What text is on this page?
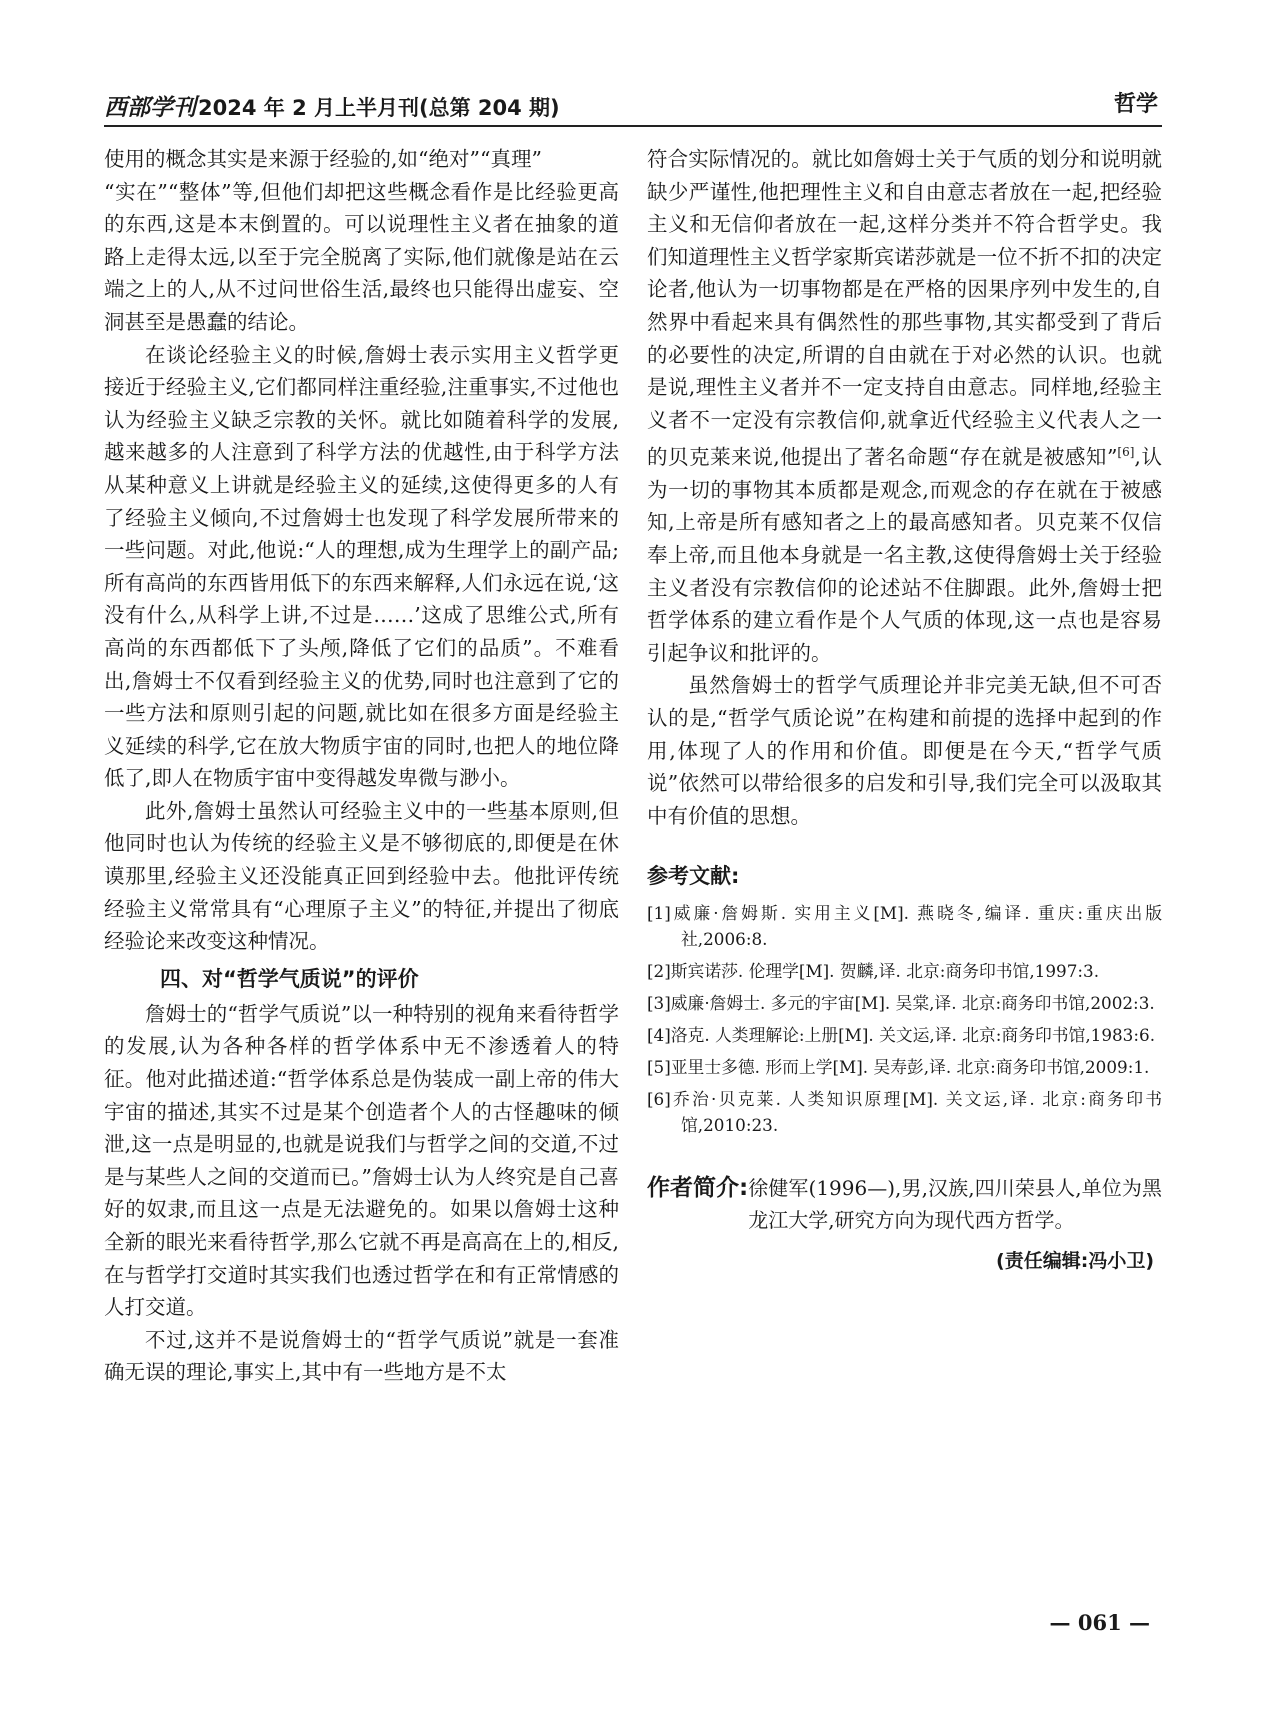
西部学刊2024 年 2 月上半月刊(总第 204 期)	哲学

使用的概念其实是来源于经验的,如“绝对”“真理”
“实在”“整体”等,但他们却把这些概念看作是比经验更高的东西,这是本末倒置的。可以说理性主义者在抽象的道路上走得太远,以至于完全脱离了实际,他们就像是站在云端之上的人,从不过问世俗生活,最终也只能得出虚妄、空洞甚至是愚蠢的结论。

在谈论经验主义的时候,詹姆士表示实用主义哲学更接近于经验主义,它们都同样注重经验,注重事实,不过他也认为经验主义缺乏宗教的关怀。就比如随着科学的发展,越来越多的人注意到了科学方法的优越性,由于科学方法从某种意义上讲就是经验主义的延续,这使得更多的人有了经验主义倾向,不过詹姆士也发现了科学发展所带来的一些问题。对此,他说:“人的理想,成为生理学上的副产品;所有高尚的东西皆用低下的东西来解释,人们永远在说,‘这没有什么,从科学上讲,不过是……’这成了思维公式,所有高尚的东西都低下了头颅,降低了它们的品质”。不难看出,詹姆士不仅看到经验主义的优势,同时也注意到了它的一些方法和原则引起的问题,就比如在很多方面是经验主义延续的科学,它在放大物质宇宙的同时,也把人的地位降低了,即人在物质宇宙中变得越发卑微与渺小。

此外,詹姆士虽然认可经验主义中的一些基本原则,但他同时也认为传统的经验主义是不够彻底的,即便是在休谟那里,经验主义还没能真正回到经验中去。他批评传统经验主义常常具有“心理原子主义”的特征,并提出了彻底经验论来改变这种情况。

四、对“哲学气质说”的评价

詹姆士的“哲学气质说”以一种特别的视角来看待哲学的发展,认为各种各样的哲学体系中无不渗透着人的特征。他对此描述道:“哲学体系总是伪装成一副上帝的伟大宇宙的描述,其实不过是某个创造者个人的古怪趣味的倾泄,这一点是明显的,也就是说我们与哲学之间的交道,不过是与某些人之间的交道而已。”詹姆士认为人终究是自己喜好的奴隶,而且这一点是无法避免的。如果以詹姆士这种全新的眼光来看待哲学,那么它就不再是高高在上的,相反,在与哲学打交道时其实我们也透过哲学在和有正常情感的人打交道。

不过,这并不是说詹姆士的“哲学气质说”就是一套准确无误的理论,事实上,其中有一些地方是不太

符合实际情况的。就比如詹姆士关于气质的划分和说明就缺少严谨性,他把理性主义和自由意志者放在一起,把经验主义和无信仰者放在一起,这样分类并不符合哲学史。我们知道理性主义哲学家斯宾诺莎就是一位不折不扣的决定论者,他认为一切事物都是在严格的因果序列中发生的,自然界中看起来具有偶然性的那些事物,其实都受到了背后的必要性的决定,所谓的自由就在于对必然的认识。也就是说,理性主义者并不一定支持自由意志。同样地,经验主义者不一定没有宗教信仰,就拿近代经验主义代表人之一的贝克莱来说,他提出了著名命题“存在就是被感知”[6],认为一切的事物其本质都是观念,而观念的存在就在于被感知,上帝是所有感知者之上的最高感知者。贝克莱不仅信奉上帝,而且他本身就是一名主教,这使得詹姆士关于经验主义者没有宗教信仰的论述站不住脚跟。此外,詹姆士把哲学体系的建立看作是个人气质的体现,这一点也是容易引起争议和批评的。

虽然詹姆士的哲学气质理论并非完美无缺,但不可否认的是,“哲学气质论说”在构建和前提的选择中起到的作用,体现了人的作用和价值。即便是在今天,“哲学气质说”依然可以带给很多的启发和引导,我们完全可以汲取其中有价值的思想。

参考文献:
[1]威廉·詹姆斯. 实用主义[M]. 燕晓冬,编译. 重庆:重庆出版社,2006:8.
[2]斯宾诺莎. 伦理学[M]. 贺麟,译. 北京:商务印书馆,1997:3.
[3]威廉·詹姆士. 多元的宇宙[M]. 吴棠,译. 北京:商务印书馆,2002:3.
[4]洛克. 人类理解论:上册[M]. 关文运,译. 北京:商务印书馆,1983:6.
[5]亚里士多德. 形而上学[M]. 吴寿彭,译. 北京:商务印书馆,2009:1.
[6]乔治·贝克莱. 人类知识原理[M]. 关文运,译. 北京:商务印书馆,2010:23.
作者简介: 徐健军(1996—),男,汉族,四川荣县人,单位为黑龙江大学,研究方向为现代西方哲学。
(责任编辑:冯小卫)
— 061 —
